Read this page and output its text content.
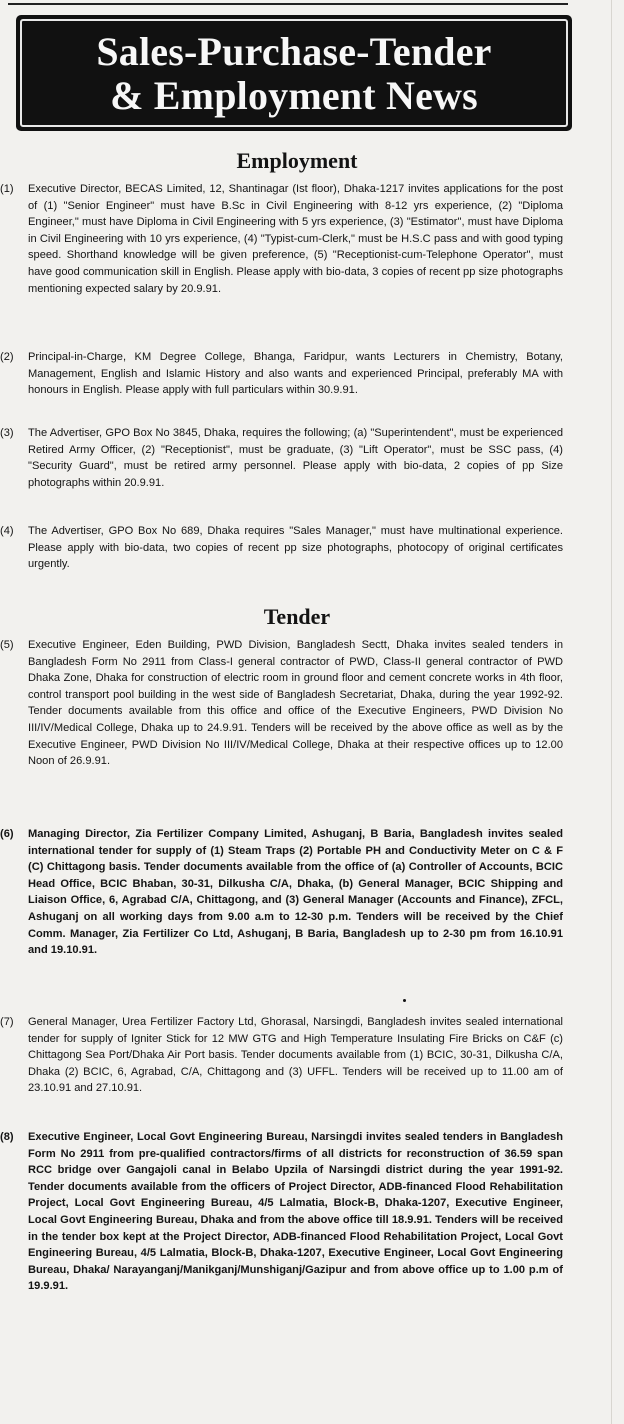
Sales-Purchase-Tender
& Employment News
Employment
(1) Executive Director, BECAS Limited, 12, Shantinagar (Ist floor), Dhaka-1217 invites applications for the post of (1) "Senior Engineer" must have B.Sc in Civil Engineering with 8-12 yrs experience, (2) "Diploma Engineer," must have Diploma in Civil Engineering with 5 yrs experience, (3) "Estimator", must have Diploma in Civil Engineering with 10 yrs experience, (4) "Typist-cum-Clerk," must be H.S.C pass and with good typing speed. Shorthand knowledge will be given preference, (5) "Receptionist-cum-Telephone Operator", must have good communication skill in English. Please apply with bio-data, 3 copies of recent pp size photographs mentioning expected salary by 20.9.91.
(2) Principal-in-Charge, KM Degree College, Bhanga, Faridpur, wants Lecturers in Chemistry, Botany, Management, English and Islamic History and also wants and experienced Principal, preferably MA with honours in English. Please apply with full particulars within 30.9.91.
(3) The Advertiser, GPO Box No 3845, Dhaka, requires the following; (a) "Superintendent", must be experienced Retired Army Officer, (2) "Receptionist", must be graduate, (3) "Lift Operator", must be SSC pass, (4) "Security Guard", must be retired army personnel. Please apply with bio-data, 2 copies of pp Size photographs within 20.9.91.
(4) The Advertiser, GPO Box No 689, Dhaka requires "Sales Manager," must have multinational experience. Please apply with bio-data, two copies of recent pp size photographs, photocopy of original certificates urgently.
Tender
(5) Executive Engineer, Eden Building, PWD Division, Bangladesh Sectt, Dhaka invites sealed tenders in Bangladesh Form No 2911 from Class-I general contractor of PWD, Class-II general contractor of PWD Dhaka Zone, Dhaka for construction of electric room in ground floor and cement concrete works in 4th floor, control transport pool building in the west side of Bangladesh Secretariat, Dhaka, during the year 1992-92. Tender documents available from this office and office of the Executive Engineers, PWD Division No III/IV/Medical College, Dhaka up to 24.9.91. Tenders will be received by the above office as well as by the Executive Engineer, PWD Division No III/IV/Medical College, Dhaka at their respective offices up to 12.00 Noon of 26.9.91.
(6) Managing Director, Zia Fertilizer Company Limited, Ashuganj, B Baria, Bangladesh invites sealed international tender for supply of (1) Steam Traps (2) Portable PH and Conductivity Meter on C & F (C) Chittagong basis. Tender documents available from the office of (a) Controller of Accounts, BCIC Head Office, BCIC Bhaban, 30-31, Dilkusha C/A, Dhaka, (b) General Manager, BCIC Shipping and Liaison Office, 6, Agrabad C/A, Chittagong, and (3) General Manager (Accounts and Finance), ZFCL, Ashuganj on all working days from 9.00 a.m to 12-30 p.m. Tenders will be received by the Chief Comm. Manager, Zia Fertilizer Co Ltd, Ashuganj, B Baria, Bangladesh up to 2-30 pm from 16.10.91 and 19.10.91.
(7) General Manager, Urea Fertilizer Factory Ltd, Ghorasal, Narsingdi, Bangladesh invites sealed international tender for supply of Igniter Stick for 12 MW GTG and High Temperature Insulating Fire Bricks on C&F (c) Chittagong Sea Port/Dhaka Air Port basis. Tender documents available from (1) BCIC, 30-31, Dilkusha C/A, Dhaka (2) BCIC, 6, Agrabad, C/A, Chittagong and (3) UFFL. Tenders will be received up to 11.00 am of 23.10.91 and 27.10.91.
(8) Executive Engineer, Local Govt Engineering Bureau, Narsingdi invites sealed tenders in Bangladesh Form No 2911 from pre-qualified contractors/firms of all districts for reconstruction of 36.59 span RCC bridge over Gangajoli canal in Belabo Upzila of Narsingdi district during the year 1991-92. Tender documents available from the officers of Project Director, ADB-financed Flood Rehabilitation Project, Local Govt Engineering Bureau, 4/5 Lalmatia, Block-B, Dhaka-1207, Executive Engineer, Local Govt Engineering Bureau, Dhaka and from the above office till 18.9.91. Tenders will be received in the tender box kept at the Project Director, ADB-financed Flood Rehabilitation Project, Local Govt Engineering Bureau, 4/5 Lalmatia, Block-B, Dhaka-1207, Executive Engineer, Local Govt Engineering Bureau, Dhaka/ Narayanganj/Manikganj/Munshiganj/Gazipur and from above office up to 1.00 p.m of 19.9.91.
